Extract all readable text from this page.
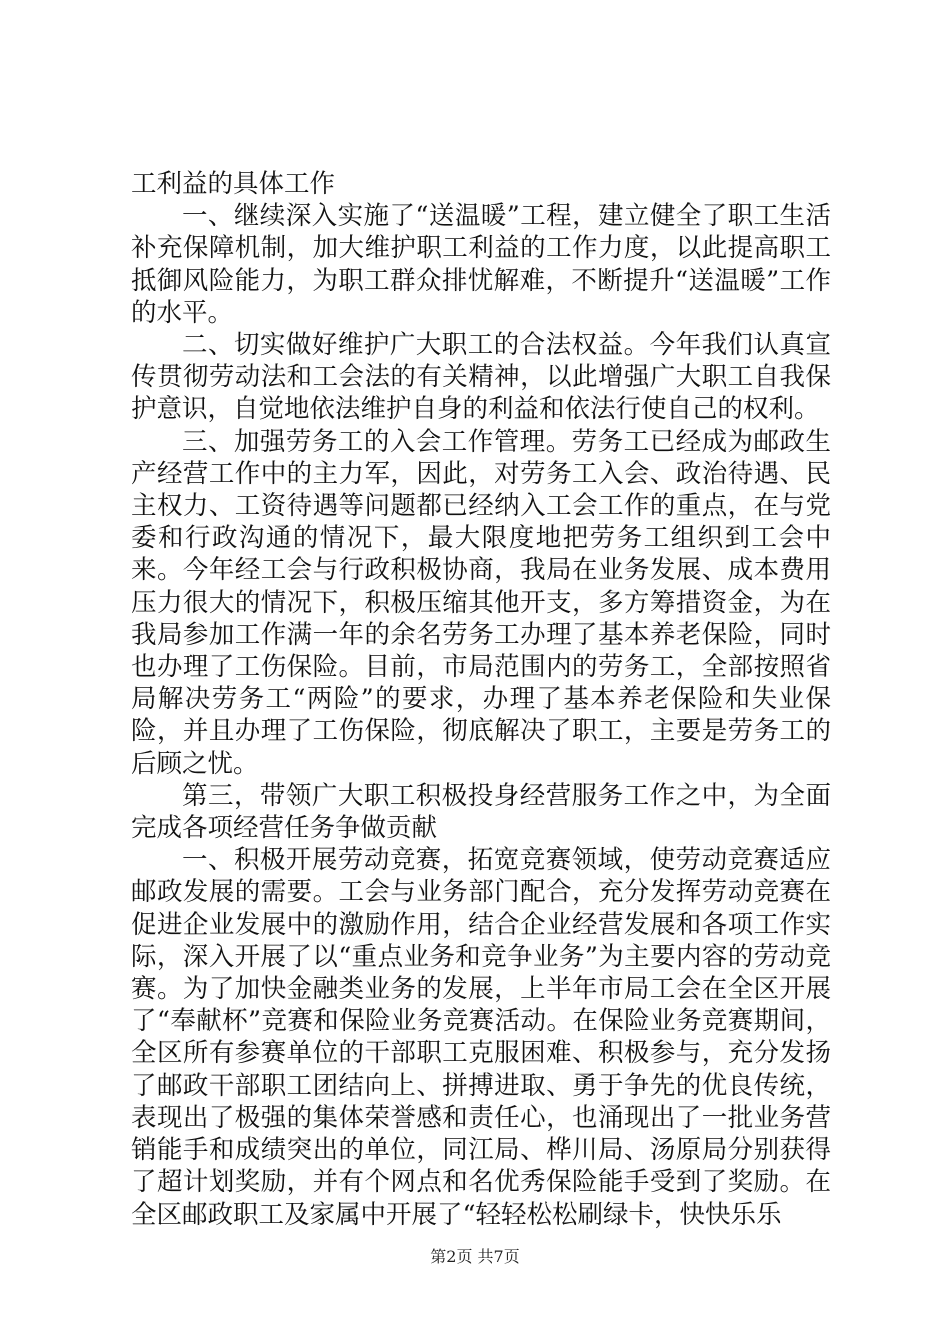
工利益的具体工作

一、继续深入实施了“送温暖”工程，建立健全了职工生活补充保障机制，加大维护职工利益的工作力度，以此提高职工抵御风险能力，为职工群众排忧解难，不断提升“送温暖”工作的水平。

二、切实做好维护广大职工的合法权益。今年我们认真宣传贯彻劳动法和工会法的有关精神，以此增强广大职工自我保护意识，自觉地依法维护自身的利益和依法行使自己的权利。

三、加强劳务工的入会工作管理。劳务工已经成为邮政生产经营工作中的主力军，因此，对劳务工入会、政治待遇、民主权力、工资待遇等问题都已经纳入工会工作的重点，在与党委和行政沟通的情况下，最大限度地把劳务工组织到工会中来。今年经工会与行政积极协商，我局在业务发展、成本费用压力很大的情况下，积极压缩其他开支，多方筹措资金，为在我局参加工作满一年的余名劳务工办理了基本养老保险，同时也办理了工伤保险。目前，市局范围内的劳务工，全部按照省局解决劳务工“两险”的要求，办理了基本养老保险和失业保险，并且办理了工伤保险，彻底解决了职工，主要是劳务工的后顾之忧。

第三，带领广大职工积极投身经营服务工作之中，为全面完成各项经营任务争做贡献

一、积极开展劳动竞赛，拓宽竞赛领域，使劳动竞赛适应邮政发展的需要。工会与业务部门配合，充分发挥劳动竞赛在促进企业发展中的激励作用，结合企业经营发展和各项工作实际，深入开展了以“重点业务和竞争业务”为主要内容的劳动竞赛。为了加快金融类业务的发展，上半年市局工会在全区开展了“奉献杯”竞赛和保险业务竞赛活动。在保险业务竞赛期间，全区所有参赛单位的干部职工克服困难、积极参与，充分发扬了邮政干部职工团结向上、拼搏进取、勇于争先的优良传统，表现出了极强的集体荣誉感和责任心，也涌现出了一批业务营销能手和成绩突出的单位，同江局、桦川局、汤原局分别获得了超计划奖励，并有个网点和名优秀保险能手受到了奖励。在全区邮政职工及家属中开展了“轻轻松松刷绿卡，快快乐乐

第2页 共7页
